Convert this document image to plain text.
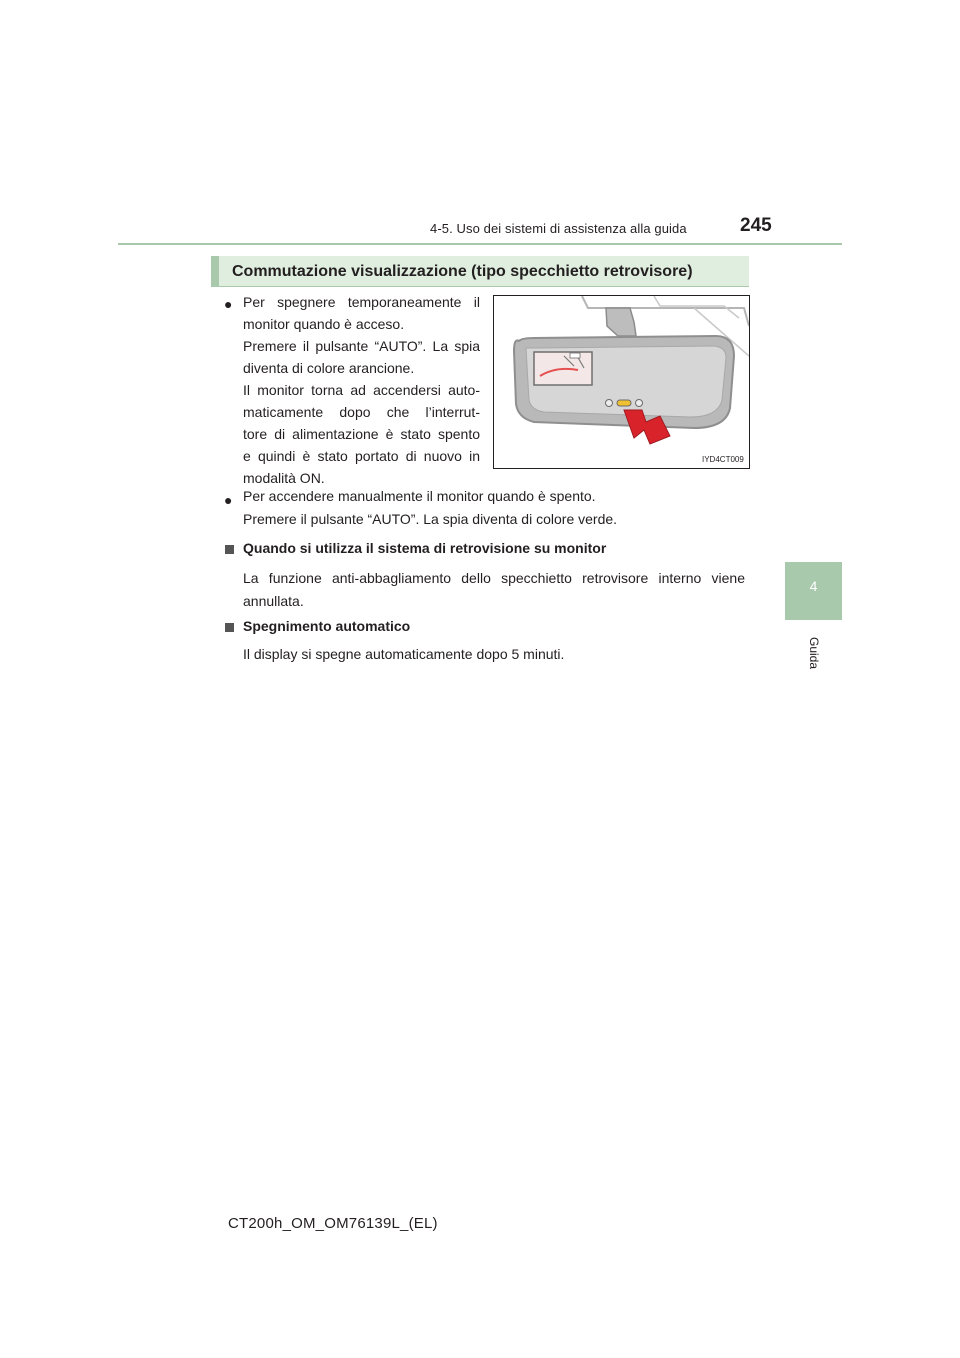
4-5. Uso dei sistemi di assistenza alla guida	245
4
Guida
Commutazione visualizzazione (tipo specchietto retrovisore)
● Per spegnere temporaneamente il
monitor quando è acceso.
Premere il pulsante “AUTO”. La spia
diventa di colore arancione.
Il monitor torna ad accendersi auto-
maticamente dopo che l’interrut-
tore di alimentazione è stato spento
e quindi è stato portato di nuovo in
modalità ON.
IYD4CT009
● Per accendere manualmente il monitor quando è spento.
Premere il pulsante “AUTO”. La spia diventa di colore verde.
Quando si utilizza il sistema di retrovisione su monitor
La funzione anti-abbagliamento dello specchietto retrovisore interno viene annullata.
Spegnimento automatico
Il display si spegne automaticamente dopo 5 minuti.
CT200h_OM_OM76139L_(EL)
